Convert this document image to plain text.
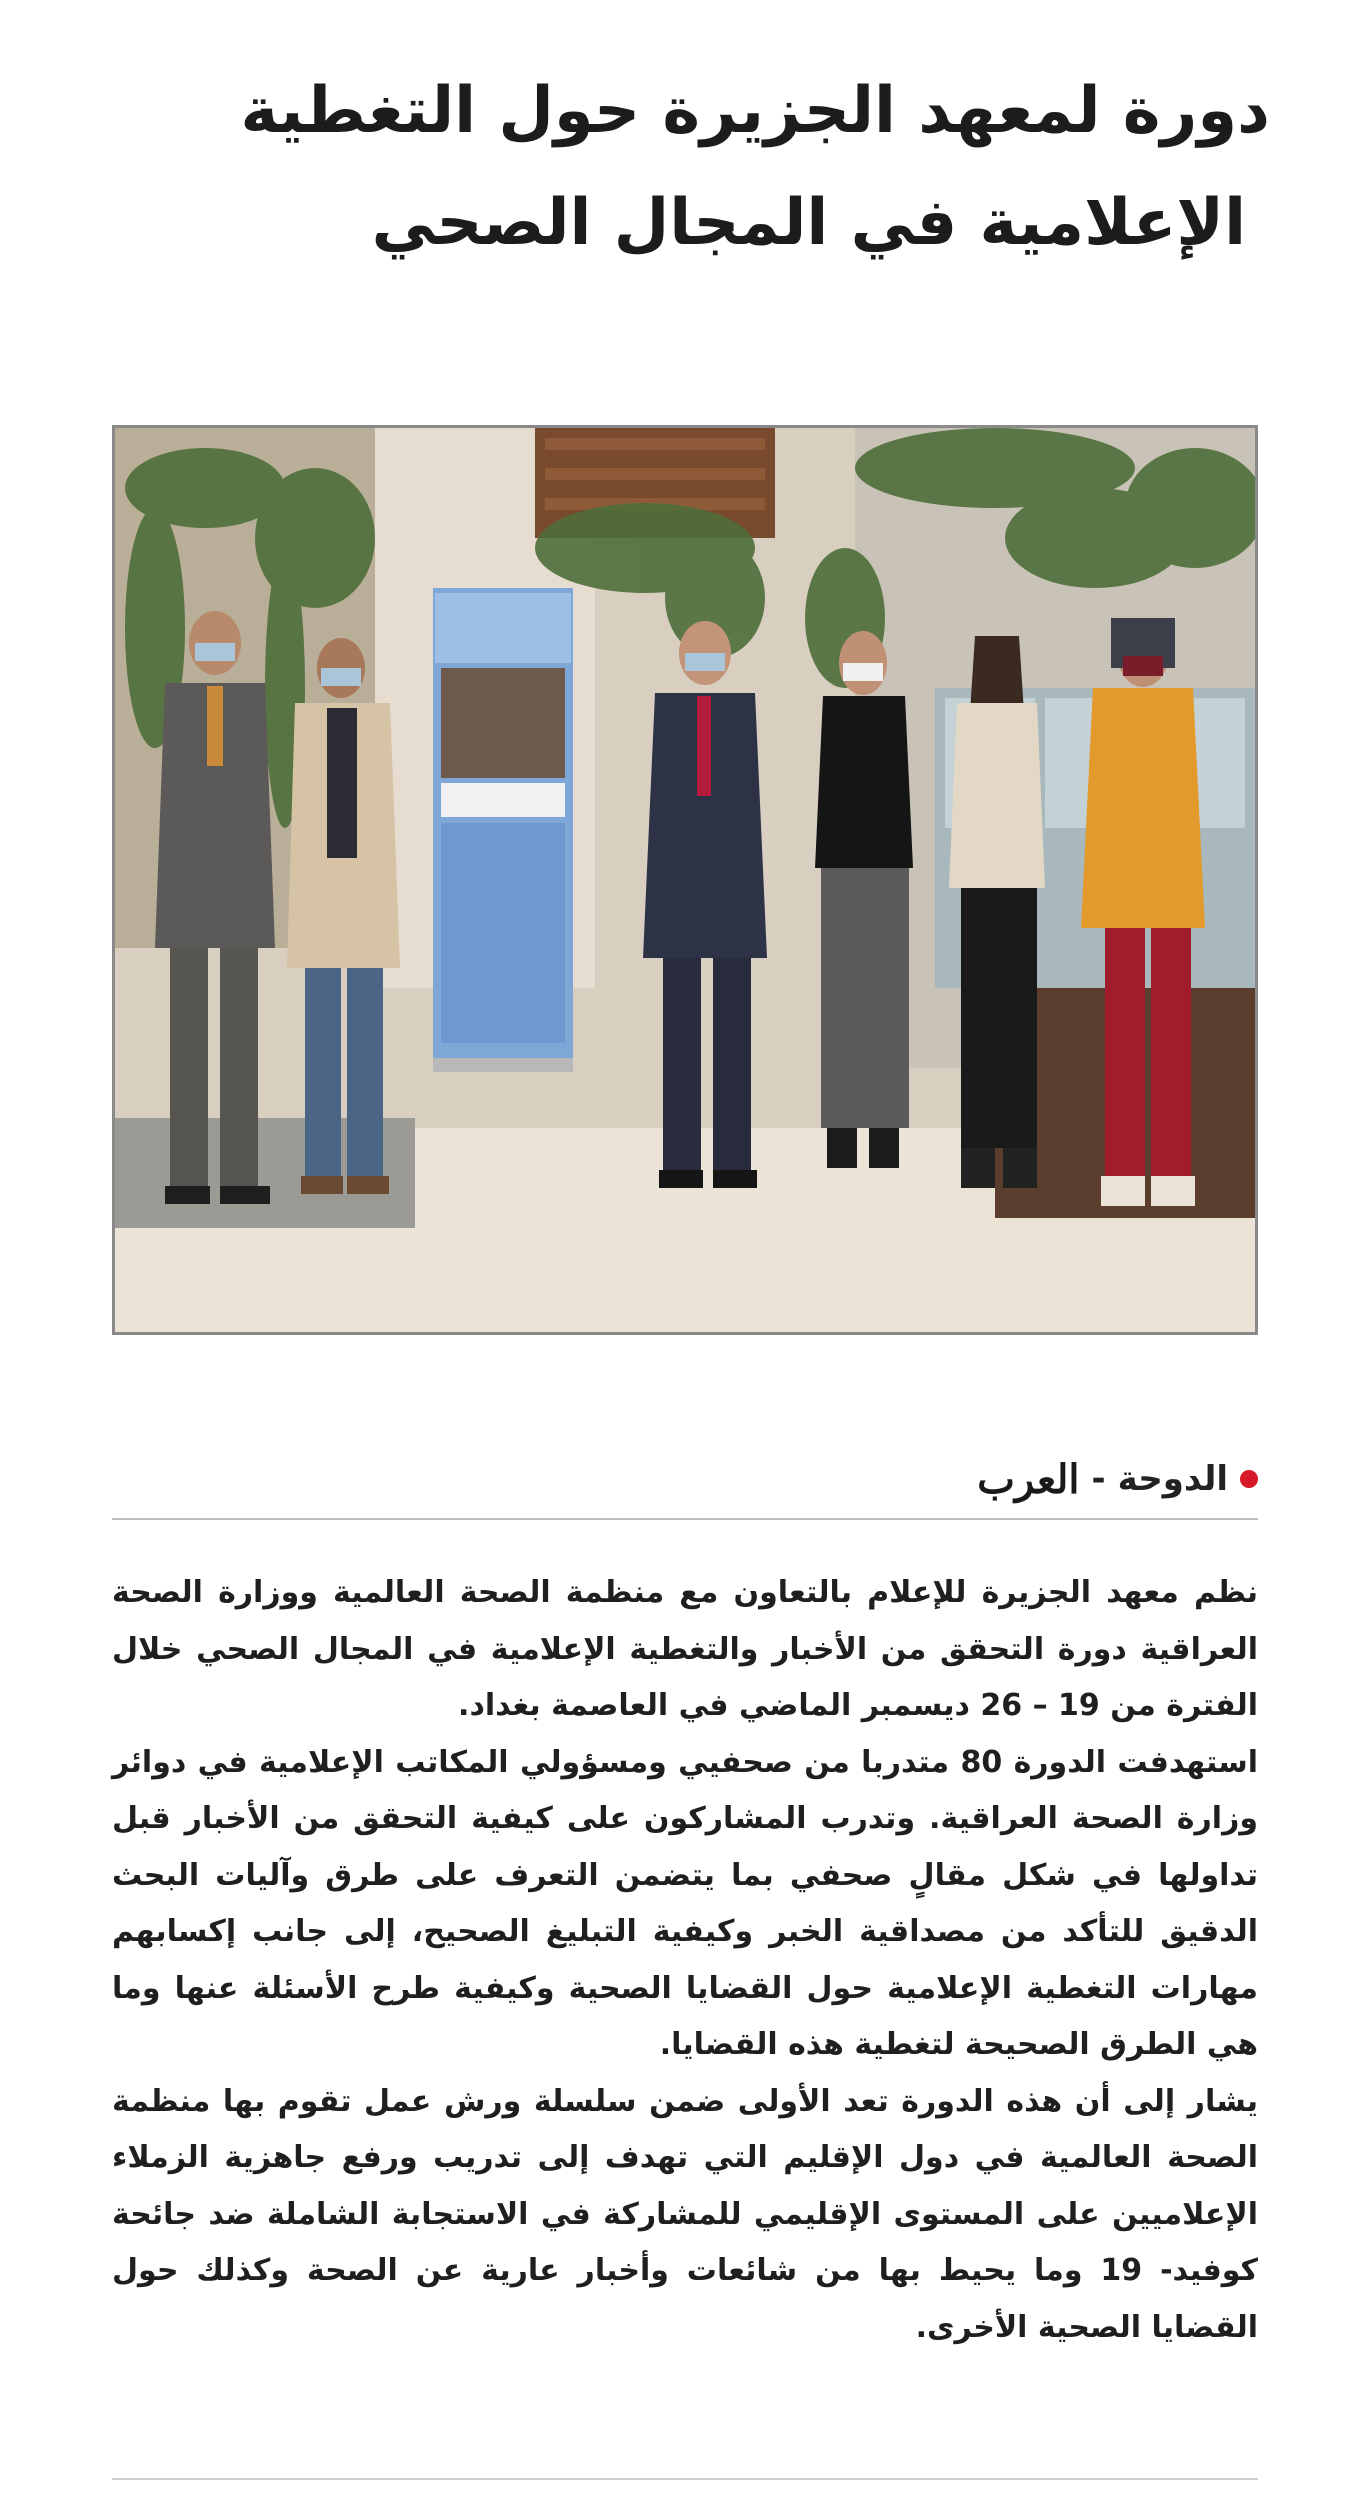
دورة لمعهد الجزيرة حول التغطية
الإعلامية في المجال الصحي
الدوحة
-
العرب

نظم معهد الجزيرة للإعلام بالتعاون مع منظمة الصحة العالمية ووزارة الصحة العراقية دورة التحقق من الأخبار والتغطية الإعلامية في المجال الصحي خلال الفترة من 19 – 26 ديسمبر الماضي في العاصمة بغداد.

استهدفت الدورة 80 متدربا من صحفيي ومسؤولي المكاتب الإعلامية في دوائر وزارة الصحة العراقية. وتدرب المشاركون على كيفية التحقق من الأخبار قبل تداولها في شكل مقالٍ صحفي بما يتضمن التعرف على طرق وآليات البحث الدقيق للتأكد من مصداقية الخبر وكيفية التبليغ الصحيح، إلى جانب إكسابهم مهارات التغطية الإعلامية حول القضايا الصحية وكيفية طرح الأسئلة عنها وما هي الطرق الصحيحة لتغطية هذه القضايا.

يشار إلى أن هذه الدورة تعد الأولى ضمن سلسلة ورش عمل تقوم بها منظمة الصحة العالمية في دول الإقليم التي تهدف إلى تدريب ورفع جاهزية الزملاء الإعلاميين على المستوى الإقليمي للمشاركة في الاستجابة الشاملة ضد جائحة كوفيد- 19 وما يحيط بها من شائعات وأخبار عارية عن الصحة وكذلك حول القضايا الصحية الأخرى.
